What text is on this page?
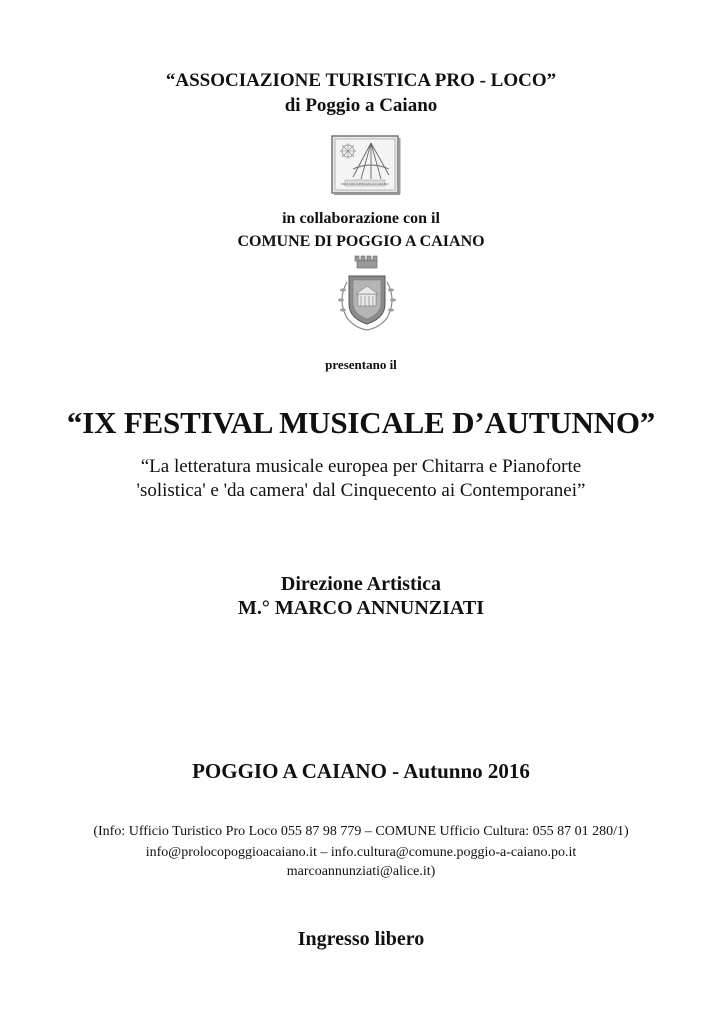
“ASSOCIAZIONE TURISTICA PRO - LOCO”
di Poggio a Caiano
PRO LOCO POGGIO A CAIANO
in collaborazione con il
COMUNE DI POGGIO A CAIANO
presentano il
“IX FESTIVAL MUSICALE D’AUTUNNO”
“La letteratura musicale europea per Chitarra e Pianoforte
'solistica' e 'da camera' dal Cinquecento ai Contemporanei”
Direzione Artistica
M.° MARCO ANNUNZIATI
POGGIO A CAIANO - Autunno 2016
(Info: Ufficio Turistico Pro Loco 055 87 98 779 – COMUNE Ufficio Cultura: 055 87 01 280/1)
info@prolocopoggioacaiano.it – info.cultura@comune.poggio-a-caiano.po.it
marcoannunziati@alice.it)
Ingresso libero
